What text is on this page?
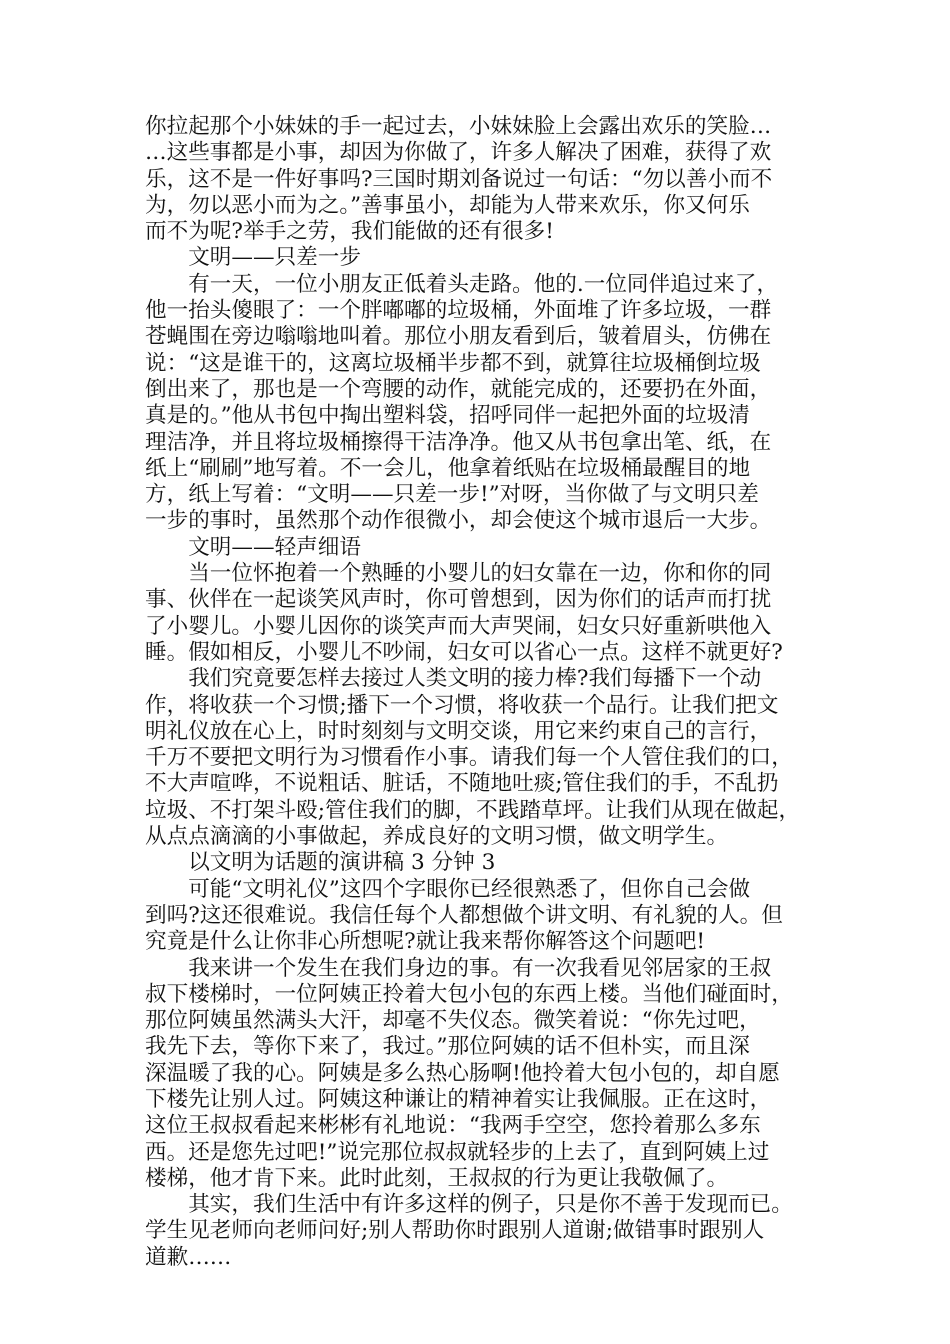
你拉起那个小妹妹的手一起过去，小妹妹脸上会露出欢乐的笑脸…
…这些事都是小事，却因为你做了，许多人解决了困难，获得了欢
乐，这不是一件好事吗?三国时期刘备说过一句话：“勿以善小而不
为，勿以恶小而为之。”善事虽小，却能为人带来欢乐，你又何乐
而不为呢?举手之劳，我们能做的还有很多!
　　文明——只差一步
　　有一天，一位小朋友正低着头走路。他的.一位同伴追过来了，
他一抬头傻眼了：一个胖嘟嘟的垃圾桶，外面堆了许多垃圾，一群
苍蝇围在旁边嗡嗡地叫着。那位小朋友看到后，皱着眉头，仿佛在
说：“这是谁干的，这离垃圾桶半步都不到，就算往垃圾桶倒垃圾
倒出来了，那也是一个弯腰的动作，就能完成的，还要扔在外面，
真是的。”他从书包中掏出塑料袋，招呼同伴一起把外面的垃圾清
理洁净，并且将垃圾桶擦得干洁净净。他又从书包拿出笔、纸，在
纸上“刷刷”地写着。不一会儿，他拿着纸贴在垃圾桶最醒目的地
方，纸上写着：“文明——只差一步!”对呀，当你做了与文明只差
一步的事时，虽然那个动作很微小，却会使这个城市退后一大步。
　　文明——轻声细语
　　当一位怀抱着一个熟睡的小婴儿的妇女靠在一边，你和你的同
事、伙伴在一起谈笑风声时，你可曾想到，因为你们的话声而打扰
了小婴儿。小婴儿因你的谈笑声而大声哭闹，妇女只好重新哄他入
睡。假如相反，小婴儿不吵闹，妇女可以省心一点。这样不就更好?
　　我们究竟要怎样去接过人类文明的接力棒?我们每播下一个动
作，将收获一个习惯;播下一个习惯，将收获一个品行。让我们把文
明礼仪放在心上，时时刻刻与文明交谈，用它来约束自己的言行，
千万不要把文明行为习惯看作小事。请我们每一个人管住我们的口，
不大声喧哗，不说粗话、脏话，不随地吐痰;管住我们的手，不乱扔
垃圾、不打架斗殴;管住我们的脚，不践踏草坪。让我们从现在做起，
从点点滴滴的小事做起，养成良好的文明习惯，做文明学生。
　　以文明为话题的演讲稿 3 分钟 3
　　可能“文明礼仪”这四个字眼你已经很熟悉了，但你自己会做
到吗?这还很难说。我信任每个人都想做个讲文明、有礼貌的人。但
究竟是什么让你非心所想呢?就让我来帮你解答这个问题吧!
　　我来讲一个发生在我们身边的事。有一次我看见邻居家的王叔
叔下楼梯时，一位阿姨正拎着大包小包的东西上楼。当他们碰面时，
那位阿姨虽然满头大汗，却毫不失仪态。微笑着说：“你先过吧，
我先下去，等你下来了，我过。”那位阿姨的话不但朴实，而且深
深温暖了我的心。阿姨是多么热心肠啊!他拎着大包小包的，却自愿
下楼先让别人过。阿姨这种谦让的精神着实让我佩服。正在这时，
这位王叔叔看起来彬彬有礼地说：“我两手空空，您拎着那么多东
西。还是您先过吧!”说完那位叔叔就轻步的上去了，直到阿姨上过
楼梯，他才肯下来。此时此刻，王叔叔的行为更让我敬佩了。
　　其实，我们生活中有许多这样的例子，只是你不善于发现而已。
学生见老师向老师问好;别人帮助你时跟别人道谢;做错事时跟别人
道歉……
